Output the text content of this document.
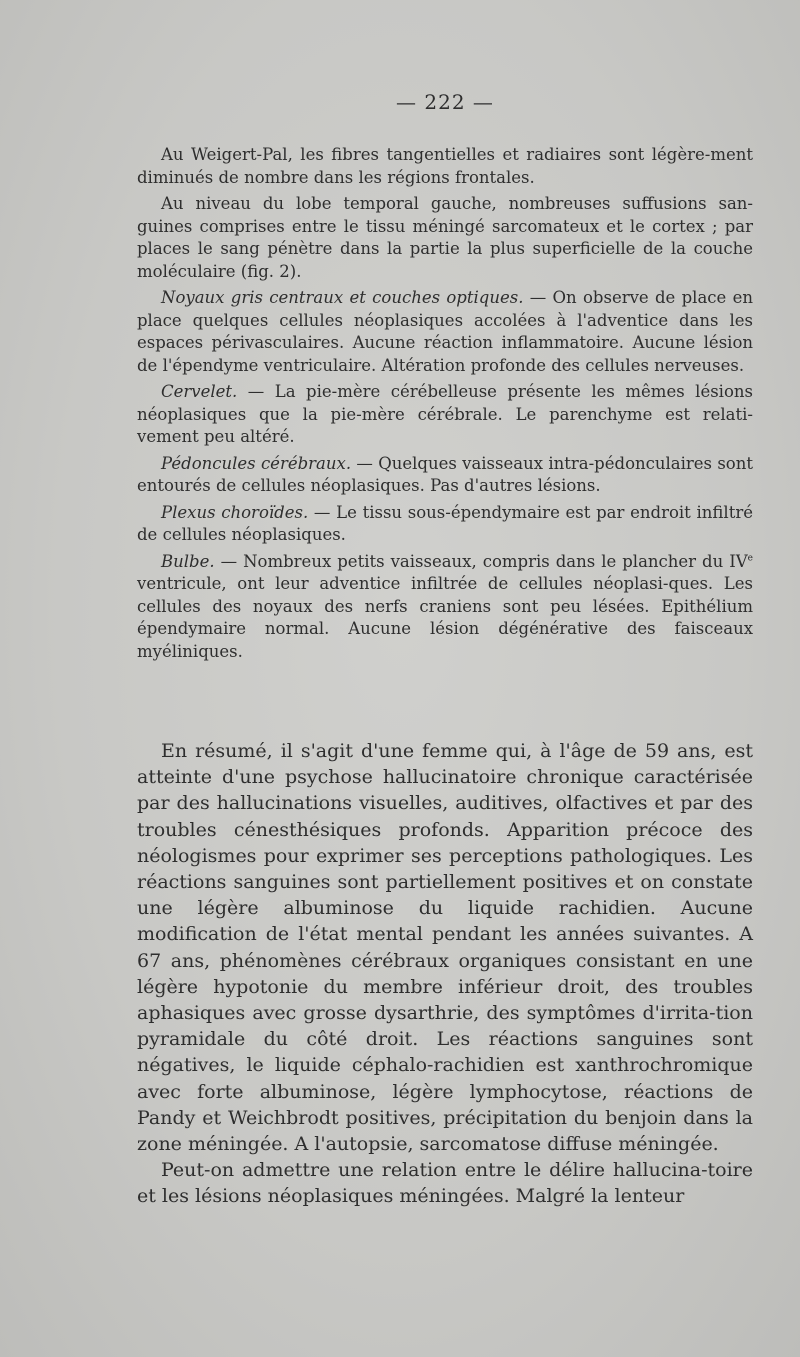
— 222 —

Au Weigert-Pal, les fibres tangentielles et radiaires sont légère-ment diminués de nombre dans les régions frontales.

Au niveau du lobe temporal gauche, nombreuses suffusions san-guines comprises entre le tissu méningé sarcomateux et le cortex ; par places le sang pénètre dans la partie la plus superficielle de la couche moléculaire (fig. 2).

Noyaux gris centraux et couches optiques. — On observe de place en place quelques cellules néoplasiques accolées à l'adventice dans les espaces périvasculaires. Aucune réaction inflammatoire. Aucune lésion de l'épendyme ventriculaire. Altération profonde des cellules nerveuses.

Cervelet. — La pie-mère cérébelleuse présente les mêmes lésions néoplasiques que la pie-mère cérébrale. Le parenchyme est relati-vement peu altéré.

Pédoncules cérébraux. — Quelques vaisseaux intra-pédonculaires sont entourés de cellules néoplasiques. Pas d'autres lésions.

Plexus choroïdes. — Le tissu sous-épendymaire est par endroit infiltré de cellules néoplasiques.

Bulbe. — Nombreux petits vaisseaux, compris dans le plancher du IVe ventricule, ont leur adventice infiltrée de cellules néoplasi-ques. Les cellules des noyaux des nerfs craniens sont peu lésées. Epithélium épendymaire normal. Aucune lésion dégénérative des faisceaux myéliniques.

En résumé, il s'agit d'une femme qui, à l'âge de 59 ans, est atteinte d'une psychose hallucinatoire chronique caractérisée par des hallucinations visuelles, auditives, olfactives et par des troubles cénesthésiques profonds. Apparition précoce des néologismes pour exprimer ses perceptions pathologiques. Les réactions sanguines sont partiellement positives et on constate une légère albuminose du liquide rachidien. Aucune modification de l'état mental pendant les années suivantes. A 67 ans, phénomènes cérébraux organiques consistant en une légère hypotonie du membre inférieur droit, des troubles aphasiques avec grosse dysarthrie, des symptômes d'irrita-tion pyramidale du côté droit. Les réactions sanguines sont négatives, le liquide céphalo-rachidien est xanthrochromique avec forte albuminose, légère lymphocytose, réactions de Pandy et Weichbrodt positives, précipitation du benjoin dans la zone méningée. A l'autopsie, sarcomatose diffuse méningée.

Peut-on admettre une relation entre le délire hallucina-toire et les lésions néoplasiques méningées. Malgré la lenteur
